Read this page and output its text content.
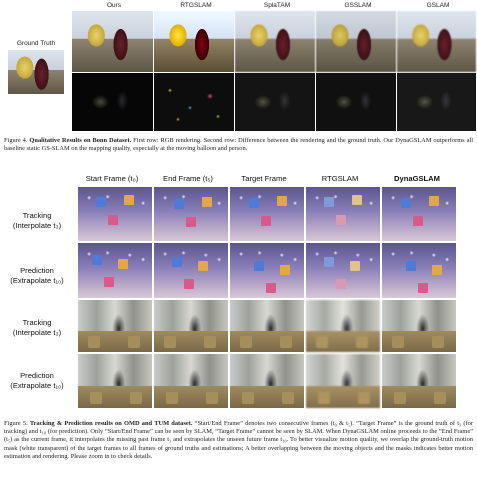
Ours	RTGSLAM	SplaTAM	GSSLAM	GSLAM
Ground Truth
Figure 4. Qualitative Results on Bonn Dataset. First row: RGB rendering. Second row: Difference between the rendering and the ground truth. Our DynaGSLAM outperforms all baseline static GS-SLAM on the mapping quality, especially at the moving balloon and person.
Start Frame (t₀)	End Frame (t₅)	Target Frame	RTGSLAM	DynaGSLAM
Tracking
(Interpolate t₃)
Prediction
(Extrapolate t₁₀)
Tracking
(Interpolate t₃)
Prediction
(Extrapolate t₁₀)
Figure 5. Tracking & Prediction results on OMD and TUM dataset. “Start/End Frame” denotes two consecutive frames (t₀ & t₅). “Target Frame” is the ground truth of t₃ (for tracking) and t₁₀ (for prediction). Only “Start/End Frame” can be seen by SLAM, “Target Frame” cannot be seen by SLAM. When DynaGSLAM online proceeds to the “End Frame” (t₅) as the current frame, it interpolates the missing past frame t₃ and extrapolates the unseen future frame t₁₀. To better visualize motion quality, we overlap the ground-truth motion mask (white transparent) of the target frames to all frames of ground truths and estimations; A better overlapping between the moving objects and the masks indicates better motion estimation and rendering. Please zoom in to check details.
